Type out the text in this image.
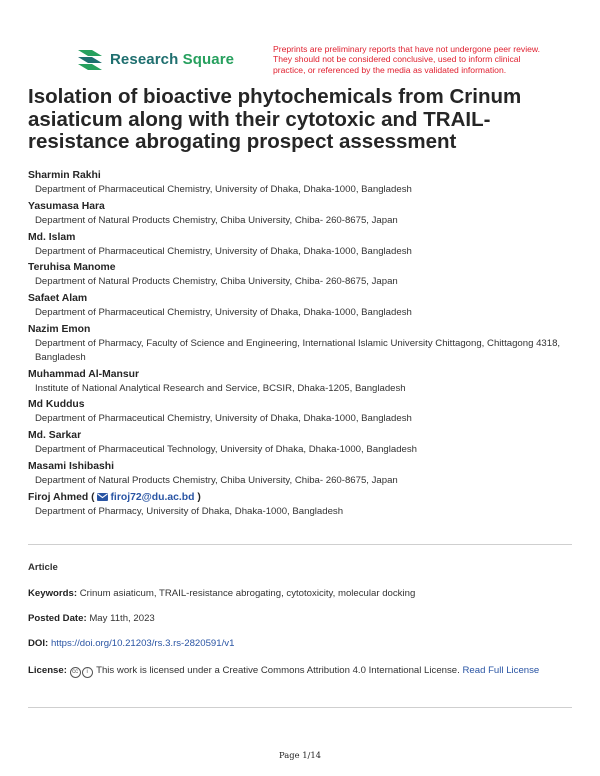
Research Square

Preprints are preliminary reports that have not undergone peer review. They should not be considered conclusive, used to inform clinical practice, or referenced by the media as validated information.

Isolation of bioactive phytochemicals from Crinum asiaticum along with their cytotoxic and TRAIL-resistance abrogating prospect assessment
Sharmin Rakhi
Department of Pharmaceutical Chemistry, University of Dhaka, Dhaka-1000, Bangladesh
Yasumasa Hara
Department of Natural Products Chemistry, Chiba University, Chiba- 260-8675, Japan
Md. Islam
Department of Pharmaceutical Chemistry, University of Dhaka, Dhaka-1000, Bangladesh
Teruhisa Manome
Department of Natural Products Chemistry, Chiba University, Chiba- 260-8675, Japan
Safaet Alam
Department of Pharmaceutical Chemistry, University of Dhaka, Dhaka-1000, Bangladesh
Nazim Emon
Department of Pharmacy, Faculty of Science and Engineering, International Islamic University Chittagong, Chittagong 4318, Bangladesh
Muhammad Al-Mansur
Institute of National Analytical Research and Service, BCSIR, Dhaka-1205, Bangladesh
Md Kuddus
Department of Pharmaceutical Chemistry, University of Dhaka, Dhaka-1000, Bangladesh
Md. Sarkar
Department of Pharmaceutical Technology, University of Dhaka, Dhaka-1000, Bangladesh
Masami Ishibashi
Department of Natural Products Chemistry, Chiba University, Chiba- 260-8675, Japan
Firoj Ahmed ( firoj72@du.ac.bd )
Department of Pharmacy, University of Dhaka, Dhaka-1000, Bangladesh

Article

Keywords: Crinum asiaticum, TRAIL-resistance abrogating, cytotoxicity, molecular docking

Posted Date: May 11th, 2023

DOI: https://doi.org/10.21203/rs.3.rs-2820591/v1

License: cc i This work is licensed under a Creative Commons Attribution 4.0 International License. Read Full License

Page 1/14
